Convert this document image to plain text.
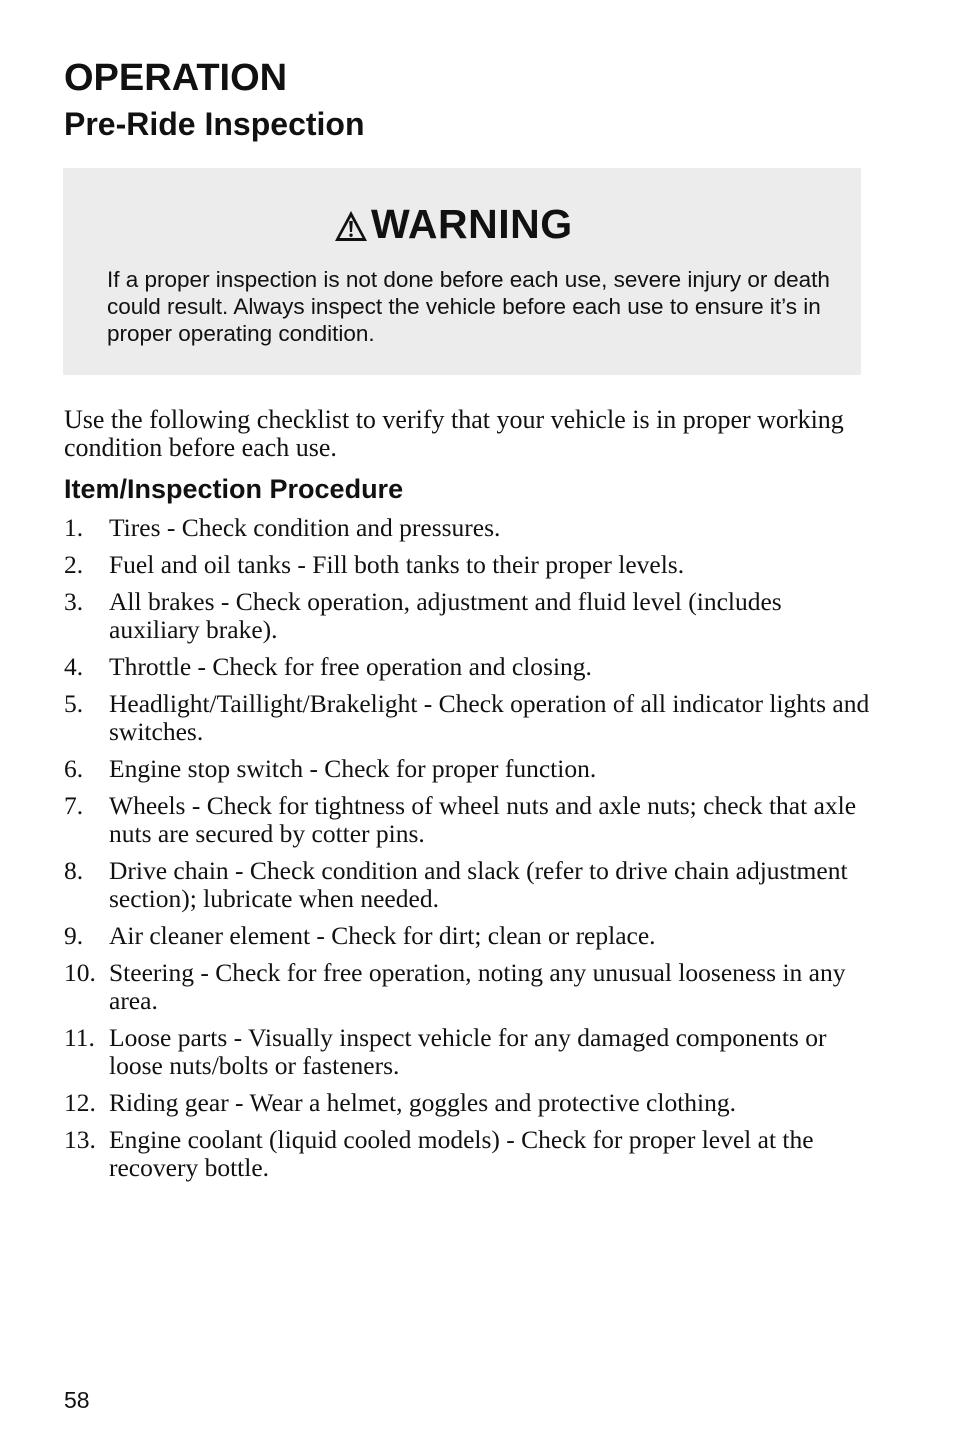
OPERATION
Pre-Ride Inspection
WARNING

If a proper inspection is not done before each use, severe injury or death could result. Always inspect the vehicle before each use to ensure it’s in proper operating condition.

Use the following checklist to verify that your vehicle is in proper working condition before each use.

Item/Inspection Procedure
1.	Tires - Check condition and pressures.
2.	Fuel and oil tanks - Fill both tanks to their proper levels.
3.	All brakes - Check operation, adjustment and fluid level (includes auxiliary brake).
4.	Throttle - Check for free operation and closing.
5.	Headlight/Taillight/Brakelight - Check operation of all indicator lights and switches.
6.	Engine stop switch - Check for proper function.
7.	Wheels - Check for tightness of wheel nuts and axle nuts; check that axle nuts are secured by cotter pins.
8.	Drive chain - Check condition and slack (refer to drive chain adjustment section); lubricate when needed.
9.	Air cleaner element - Check for dirt; clean or replace.
10. Steering - Check for free operation, noting any unusual looseness in any area.
11. Loose parts - Visually inspect vehicle for any damaged components or loose nuts/bolts or fasteners.
12. Riding gear - Wear a helmet, goggles and protective clothing.
13. Engine coolant (liquid cooled models) - Check for proper level at the recovery bottle.

58
